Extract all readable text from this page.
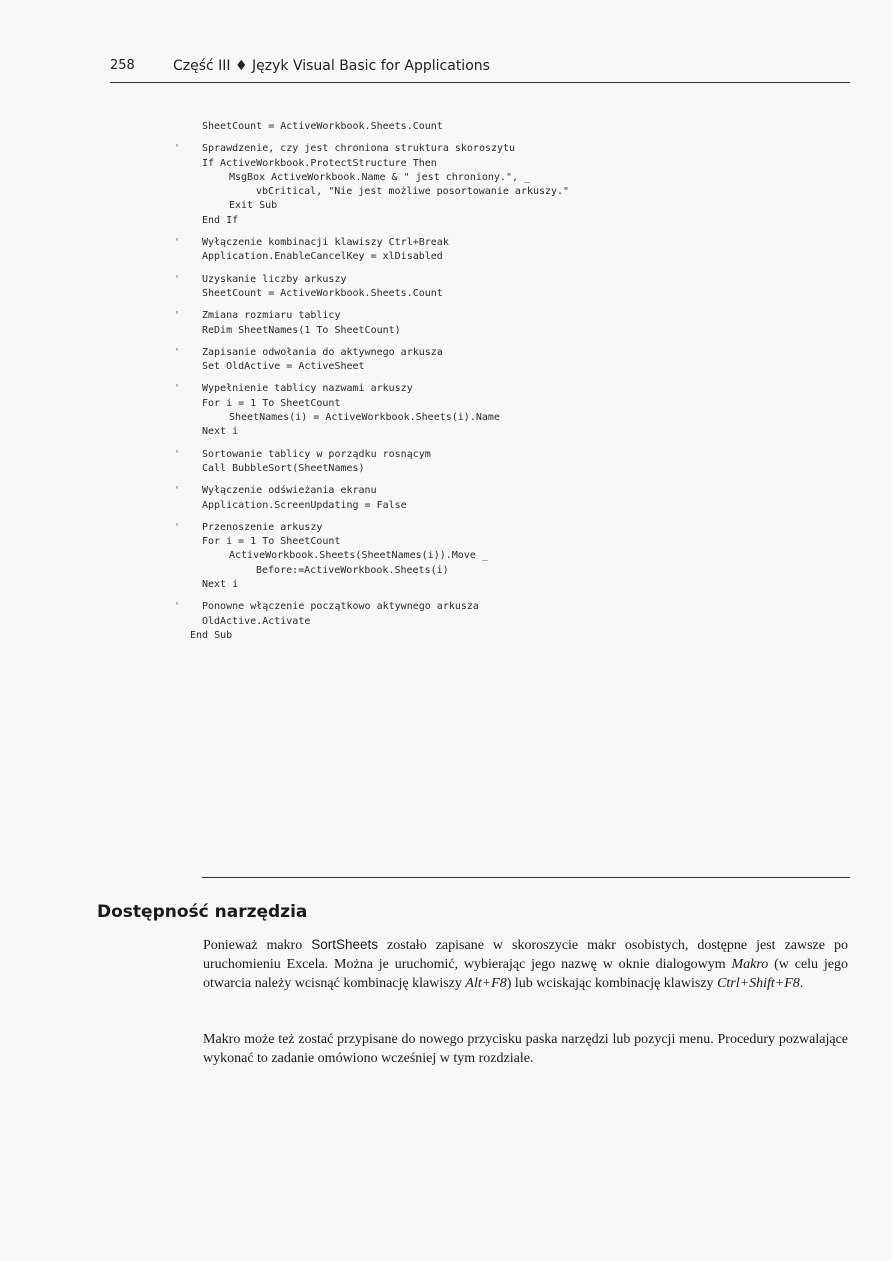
258	Część III ♦ Język Visual Basic for Applications
SheetCount = ActiveWorkbook.Sheets.Count
' Sprawdzenie, czy jest chroniona struktura skoroszytu
If ActiveWorkbook.ProtectStructure Then
MsgBox ActiveWorkbook.Name & " jest chroniony.", _
vbCritical, "Nie jest możliwe posortowanie arkuszy."
Exit Sub
End If
' Wyłączenie kombinacji klawiszy Ctrl+Break
Application.EnableCancelKey = xlDisabled
' Uzyskanie liczby arkuszy
SheetCount = ActiveWorkbook.Sheets.Count
' Zmiana rozmiaru tablicy
ReDim SheetNames(1 To SheetCount)
' Zapisanie odwołania do aktywnego arkusza
Set OldActive = ActiveSheet
' Wypełnienie tablicy nazwami arkuszy
For i = 1 To SheetCount
SheetNames(i) = ActiveWorkbook.Sheets(i).Name
Next i
' Sortowanie tablicy w porządku rosnącym
Call BubbleSort(SheetNames)
' Wyłączenie odświeżania ekranu
Application.ScreenUpdating = False
' Przenoszenie arkuszy
For i = 1 To SheetCount
ActiveWorkbook.Sheets(SheetNames(i)).Move _
Before:=ActiveWorkbook.Sheets(i)
Next i
' Ponowne włączenie początkowo aktywnego arkusza
OldActive.Activate
End Sub
Dostępność narzędzia

Ponieważ makro SortSheets zostało zapisane w skoroszycie makr osobistych, dostępne jest zawsze po uruchomieniu Excela. Można je uruchomić, wybierając jego nazwę w oknie dialogowym Makro (w celu jego otwarcia należy wcisnąć kombinację klawiszy Alt+F8) lub wciskając kombinację klawiszy Ctrl+Shift+F8.

Makro może też zostać przypisane do nowego przycisku paska narzędzi lub pozycji menu. Procedury pozwalające wykonać to zadanie omówiono wcześniej w tym rozdziale.
